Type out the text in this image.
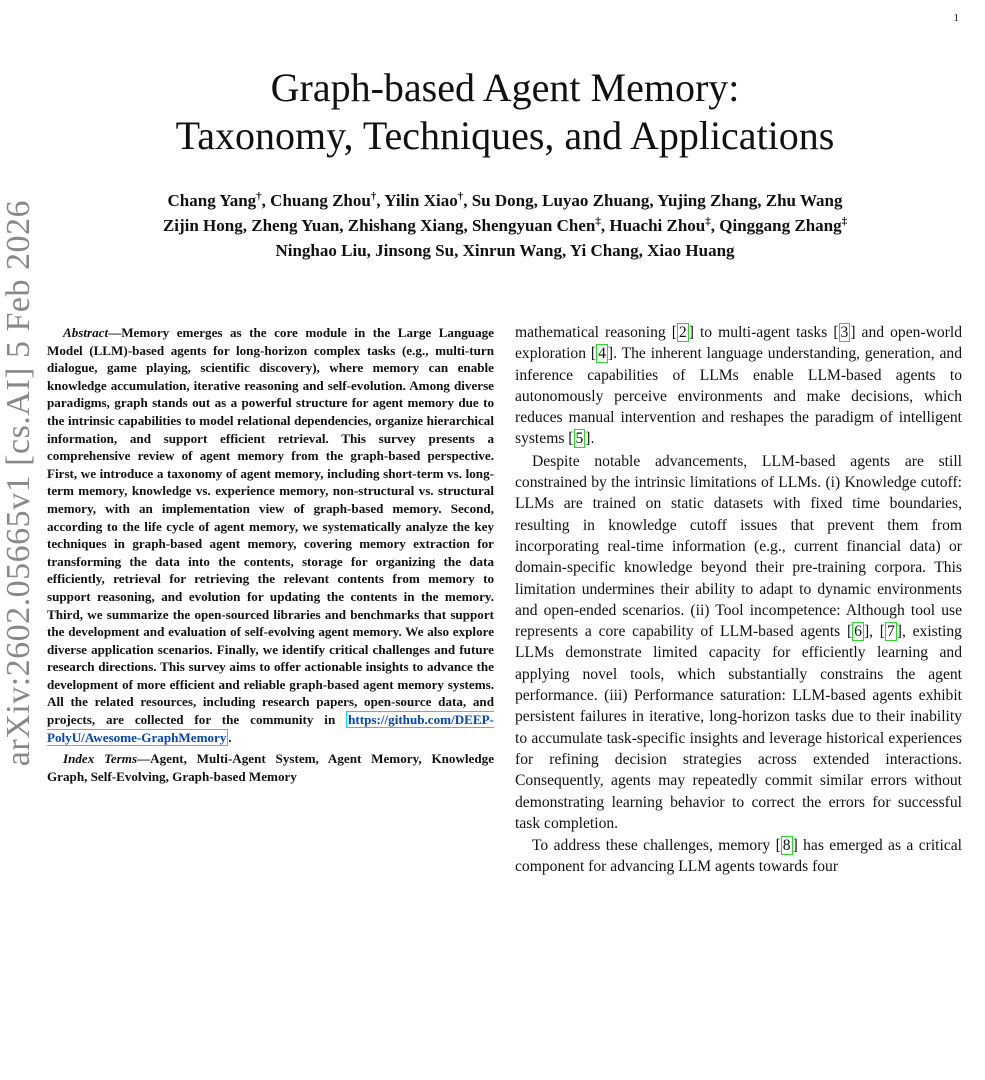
1
Graph-based Agent Memory:
Taxonomy, Techniques, and Applications
Chang Yang†, Chuang Zhou†, Yilin Xiao†, Su Dong, Luyao Zhuang, Yujing Zhang, Zhu Wang
Zijin Hong, Zheng Yuan, Zhishang Xiang, Shengyuan Chen‡, Huachi Zhou‡, Qinggang Zhang‡
Ninghao Liu, Jinsong Su, Xinrun Wang, Yi Chang, Xiao Huang
arXiv:2602.05665v1 [cs.AI] 5 Feb 2026	Abstract—Memory emerges as the core module in the Large Language Model (LLM)-based agents for long-horizon complex tasks (e.g., multi-turn dialogue, game playing, scientific discovery), where memory can enable knowledge accumulation, iterative reasoning and self-evolution. Among diverse paradigms, graph stands out as a powerful structure for agent memory due to the intrinsic capabilities to model relational dependencies, organize hierarchical information, and support efficient retrieval. This survey presents a comprehensive review of agent memory from the graph-based perspective. First, we introduce a taxonomy of agent memory, including short-term vs. long-term memory, knowledge vs. experience memory, non-structural vs. structural memory, with an implementation view of graph-based memory. Second, according to the life cycle of agent memory, we systematically analyze the key techniques in graph-based agent memory, covering memory extraction for transforming the data into the contents, storage for organizing the data efficiently, retrieval for retrieving the relevant contents from memory to support reasoning, and evolution for updating the contents in the memory. Third, we summarize the open-sourced libraries and benchmarks that support the development and evaluation of self-evolving agent memory. We also explore diverse application scenarios. Finally, we identify critical challenges and future research directions. This survey aims to offer actionable insights to advance the development of more efficient and reliable graph-based agent memory systems. All the related resources, including research papers, open-source data, and projects, are collected for the community in https://github.com/DEEP-PolyU/Awesome-GraphMemory .

Index Terms—Agent, Multi-Agent System, Agent Memory, Knowledge Graph, Self-Evolving, Graph-based Memory

mathematical reasoning [ 2 ] to multi-agent tasks [ 3 ] and open-world exploration [ 4 ]. The inherent language understanding, generation, and inference capabilities of LLMs enable LLM-based agents to autonomously perceive environments and make decisions, which reduces manual intervention and reshapes the paradigm of intelligent systems [ 5 ].

Despite notable advancements, LLM-based agents are still constrained by the intrinsic limitations of LLMs. (i) Knowledge cutoff: LLMs are trained on static datasets with fixed time boundaries, resulting in knowledge cutoff issues that prevent them from incorporating real-time information (e.g., current financial data) or domain-specific knowledge beyond their pre-training corpora. This limitation undermines their ability to adapt to dynamic environments and open-ended scenarios. (ii) Tool incompetence: Although tool use represents a core capability of LLM-based agents [ 6 ], [ 7 ], existing LLMs demonstrate limited capacity for efficiently learning and applying novel tools, which substantially constrains the agent performance. (iii) Performance saturation: LLM-based agents exhibit persistent failures in iterative, long-horizon tasks due to their inability to accumulate task-specific insights and leverage historical experiences for refining decision strategies across extended interactions. Consequently, agents may repeatedly commit similar errors without demonstrating learning behavior to correct the errors for successful task completion.

To address these challenges, memory [ 8 ] has emerged as a critical component for advancing LLM agents towards four
